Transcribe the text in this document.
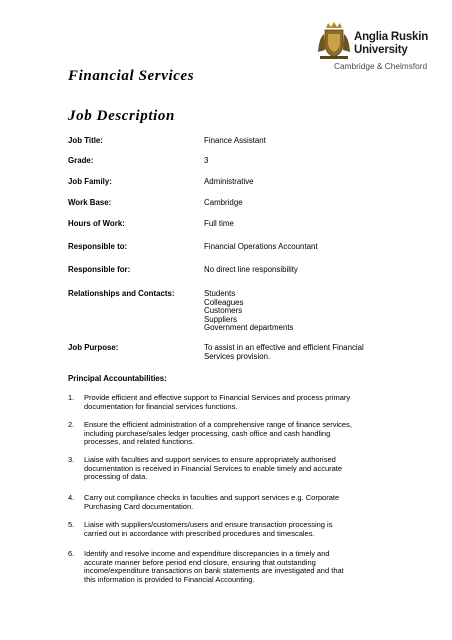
Anglia Ruskin
University
Cambridge & Chelmsford
Financial Services
Job Description
Job Title:	Finance Assistant
Grade:	3
Job Family:	Administrative
Work Base:	Cambridge
Hours of Work:	Full time
Responsible to:	Financial Operations Accountant
Responsible for:	No direct line responsibility
Relationships and Contacts:	Students
Colleagues
Customers
Suppliers
Government departments
Job Purpose:	To assist in an effective and efficient Financial
Services provision.
Principal Accountabilities:
1. Provide efficient and effective support to Financial Services and process primary
documentation for financial services functions.
2. Ensure the efficient administration of a comprehensive range of finance services,
including purchase/sales ledger processing, cash office and cash handling
processes, and related functions.
3. Liaise with faculties and support services to ensure appropriately authorised
documentation is received in Financial Services to enable timely and accurate
processing of data.
4. Carry out compliance checks in faculties and support services e.g. Corporate
Purchasing Card documentation.
5. Liaise with suppliers/customers/users and ensure transaction processing is
carried out in accordance with prescribed procedures and timescales.
6. Identify and resolve income and expenditure discrepancies in a timely and
accurate manner before period end closure, ensuring that outstanding
income/expenditure transactions on bank statements are investigated and that
this information is provided to Financial Accounting.
